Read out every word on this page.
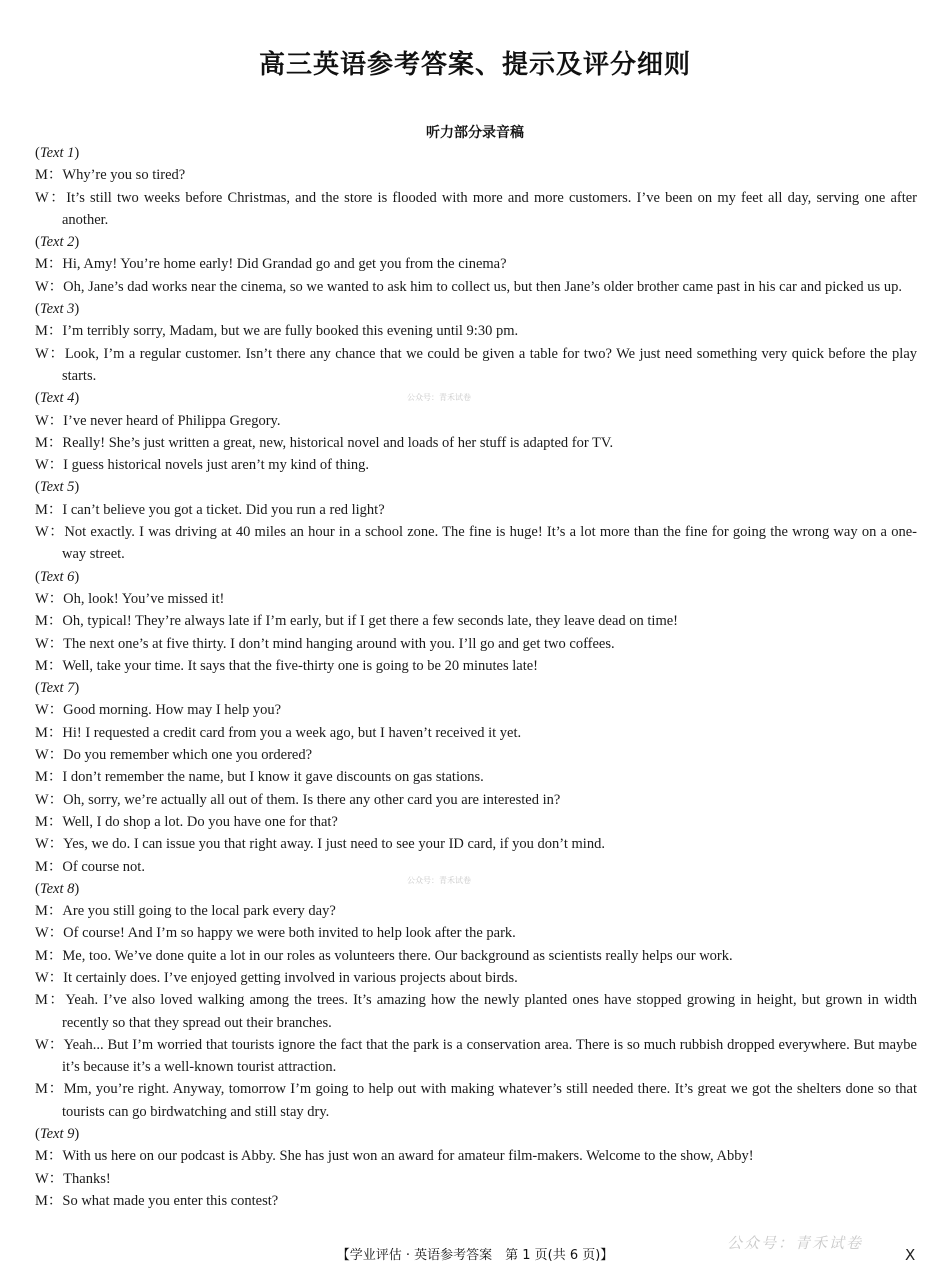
高三英语参考答案、提示及评分细则
听力部分录音稿
(Text 1)
M：Why’re you so tired?
W：It’s still two weeks before Christmas, and the store is flooded with more and more customers. I’ve been on my feet all day, serving one after another.
(Text 2)
M：Hi, Amy! You’re home early! Did Grandad go and get you from the cinema?
W：Oh, Jane’s dad works near the cinema, so we wanted to ask him to collect us, but then Jane’s older brother came past in his car and picked us up.
(Text 3)
M：I’m terribly sorry, Madam, but we are fully booked this evening until 9:30 pm.
W：Look, I’m a regular customer. Isn’t there any chance that we could be given a table for two? We just need something very quick before the play starts.
(Text 4)
W：I’ve never heard of Philippa Gregory.
M：Really! She’s just written a great, new, historical novel and loads of her stuff is adapted for TV.
W：I guess historical novels just aren’t my kind of thing.
(Text 5)
M：I can’t believe you got a ticket. Did you run a red light?
W：Not exactly. I was driving at 40 miles an hour in a school zone. The fine is huge! It’s a lot more than the fine for going the wrong way on a one-way street.
(Text 6)
W：Oh, look! You’ve missed it!
M：Oh, typical! They’re always late if I’m early, but if I get there a few seconds late, they leave dead on time!
W：The next one’s at five thirty. I don’t mind hanging around with you. I’ll go and get two coffees.
M：Well, take your time. It says that the five-thirty one is going to be 20 minutes late!
(Text 7)
W：Good morning. How may I help you?
M：Hi! I requested a credit card from you a week ago, but I haven’t received it yet.
W：Do you remember which one you ordered?
M：I don’t remember the name, but I know it gave discounts on gas stations.
W：Oh, sorry, we’re actually all out of them. Is there any other card you are interested in?
M：Well, I do shop a lot. Do you have one for that?
W：Yes, we do. I can issue you that right away. I just need to see your ID card, if you don’t mind.
M：Of course not.
(Text 8)
M：Are you still going to the local park every day?
W：Of course! And I’m so happy we were both invited to help look after the park.
M：Me, too. We’ve done quite a lot in our roles as volunteers there. Our background as scientists really helps our work.
W：It certainly does. I’ve enjoyed getting involved in various projects about birds.
M：Yeah. I’ve also loved walking among the trees. It’s amazing how the newly planted ones have stopped growing in height, but grown in width recently so that they spread out their branches.
W：Yeah... But I’m worried that tourists ignore the fact that the park is a conservation area. There is so much rubbish dropped everywhere. But maybe it’s because it’s a well-known tourist attraction.
M：Mm, you’re right. Anyway, tomorrow I’m going to help out with making whatever’s still needed there. It’s great we got the shelters done so that tourists can go birdwatching and still stay dry.
(Text 9)
M：With us here on our podcast is Abby. She has just won an award for amateur film-makers. Welcome to the show, Abby!
W：Thanks!
M：So what made you enter this contest?
公众号：青禾试卷
公众号：青禾试卷
【学业评估 · 英语参考答案　第 1 页(共 6 页)】
公众号：青禾试卷
X
